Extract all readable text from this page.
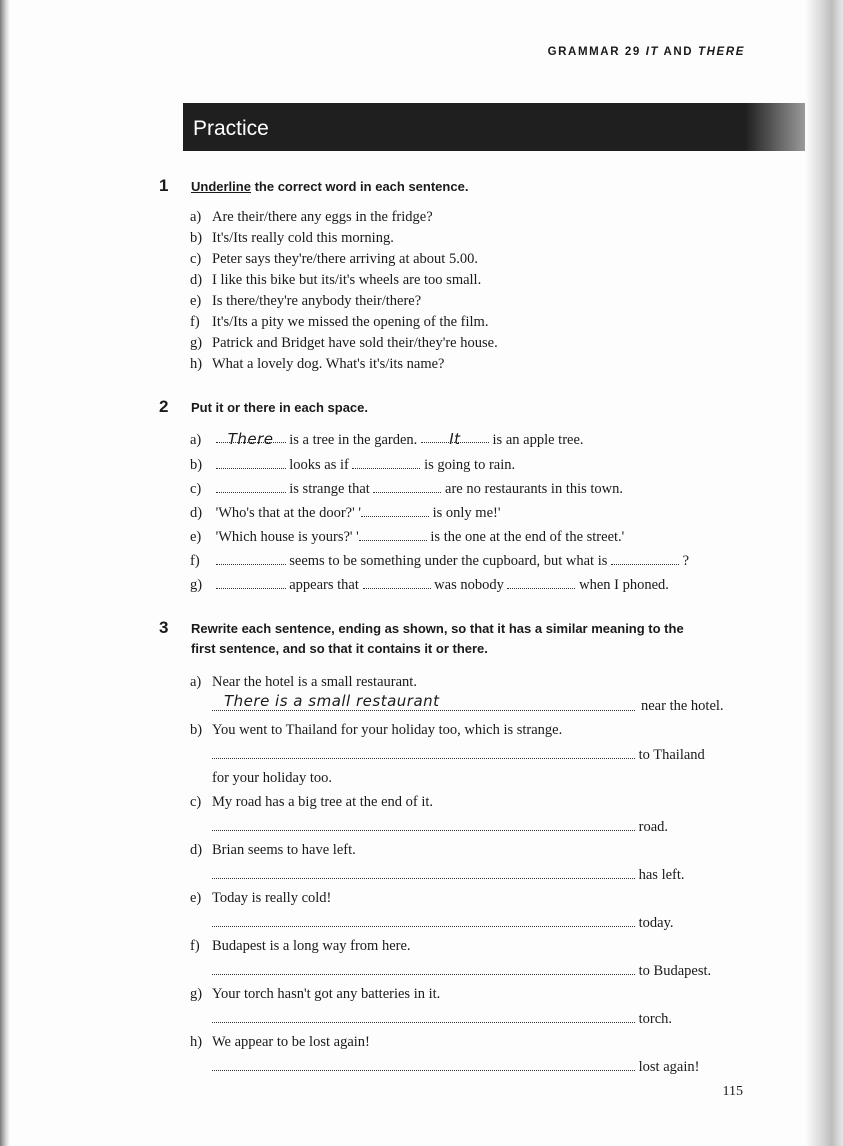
GRAMMAR 29 IT AND THERE
Practice
1 Underline the correct word in each sentence.
a) Are their/there any eggs in the fridge?
b) It's/Its really cold this morning.
c) Peter says they're/there arriving at about 5.00.
d) I like this bike but its/it's wheels are too small.
e) Is there/they're anybody their/there?
f) It's/Its a pity we missed the opening of the film.
g) Patrick and Bridget have sold their/they're house.
h) What a lovely dog. What's it's/its name?
2 Put it or there in each space.
a) There is a tree in the garden. It is an apple tree.
b)	looks as if	is going to rain.
c)	is strange that	are no restaurants in this town.
d) 'Who's that at the door?' '	is only me!'
e) 'Which house is yours?' '	is the one at the end of the street.'
f)	seems to be something under the cupboard, but what is	?
g)	appears that	was nobody	when I phoned.
3 Rewrite each sentence, ending as shown, so that it has a similar meaning to the
first sentence, and so that it contains it or there.
a) Near the hotel is a small restaurant.
There is a small restaurant	near the hotel.
b) You went to Thailand for your holiday too, which is strange.
to Thailand
for your holiday too.
c) My road has a big tree at the end of it.
road.
d) Brian seems to have left.
has left.
e) Today is really cold!
today.
f) Budapest is a long way from here.
to Budapest.
g) Your torch hasn't got any batteries in it.
torch.
h) We appear to be lost again!
lost again!
115
